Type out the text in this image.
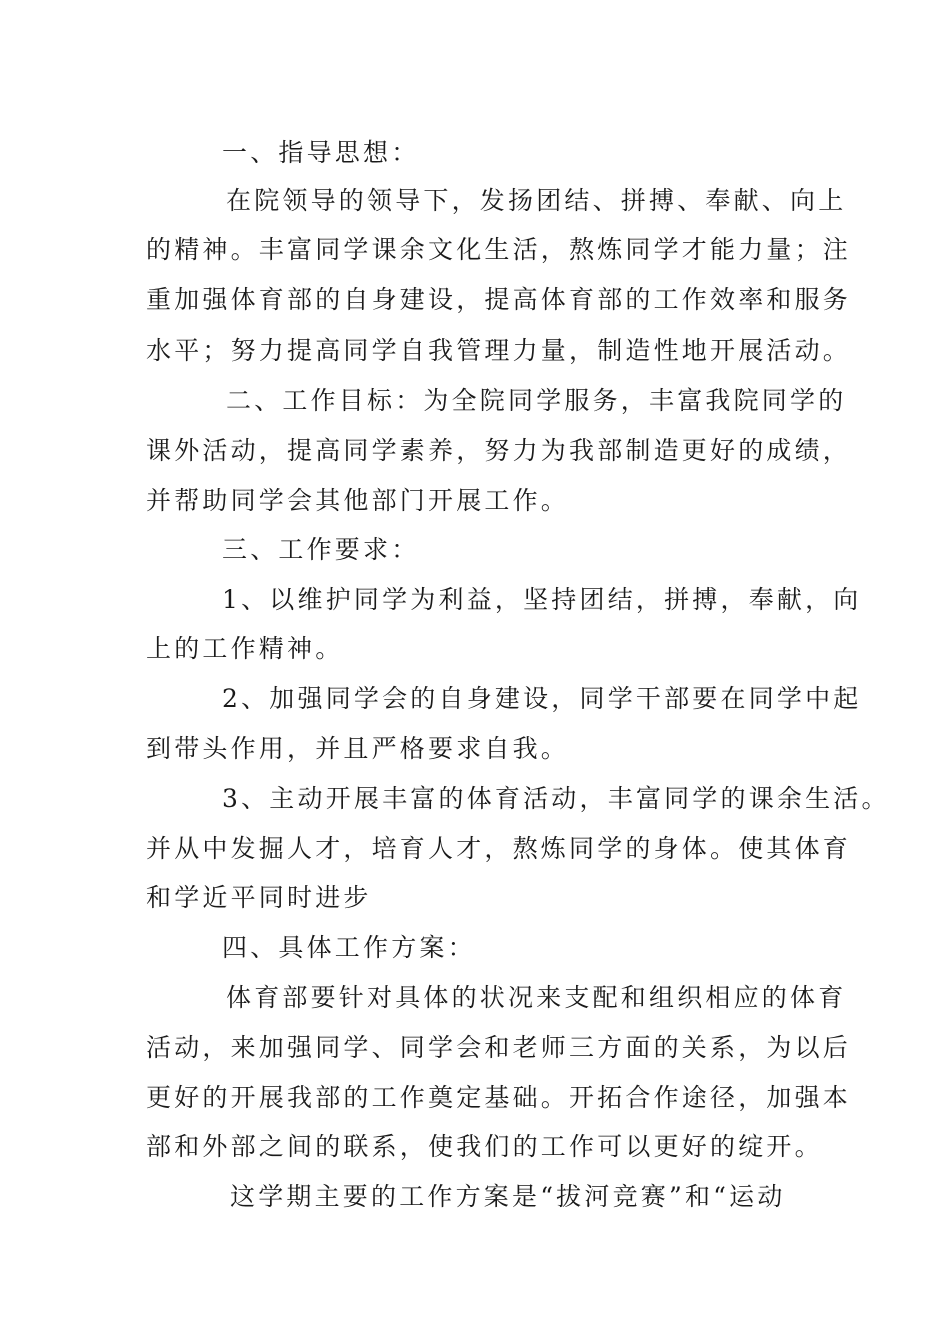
一、指导思想：
在院领导的领导下，发扬团结、拼搏、奉献、向上
的精神。丰富同学课余文化生活，熬炼同学才能力量；注
重加强体育部的自身建设，提高体育部的工作效率和服务
水平；努力提高同学自我管理力量，制造性地开展活动。
二、工作目标：为全院同学服务，丰富我院同学的
课外活动，提高同学素养，努力为我部制造更好的成绩，
并帮助同学会其他部门开展工作。
三、工作要求：
1、以维护同学为利益，坚持团结，拼搏，奉献，向
上的工作精神。
2、加强同学会的自身建设，同学干部要在同学中起
到带头作用，并且严格要求自我。
3、主动开展丰富的体育活动，丰富同学的课余生活。
并从中发掘人才，培育人才，熬炼同学的身体。使其体育
和学近平同时进步
四、具体工作方案：
体育部要针对具体的状况来支配和组织相应的体育
活动，来加强同学、同学会和老师三方面的关系，为以后
更好的开展我部的工作奠定基础。开拓合作途径，加强本
部和外部之间的联系，使我们的工作可以更好的绽开。
这学期主要的工作方案是“拔河竞赛”和“运动
